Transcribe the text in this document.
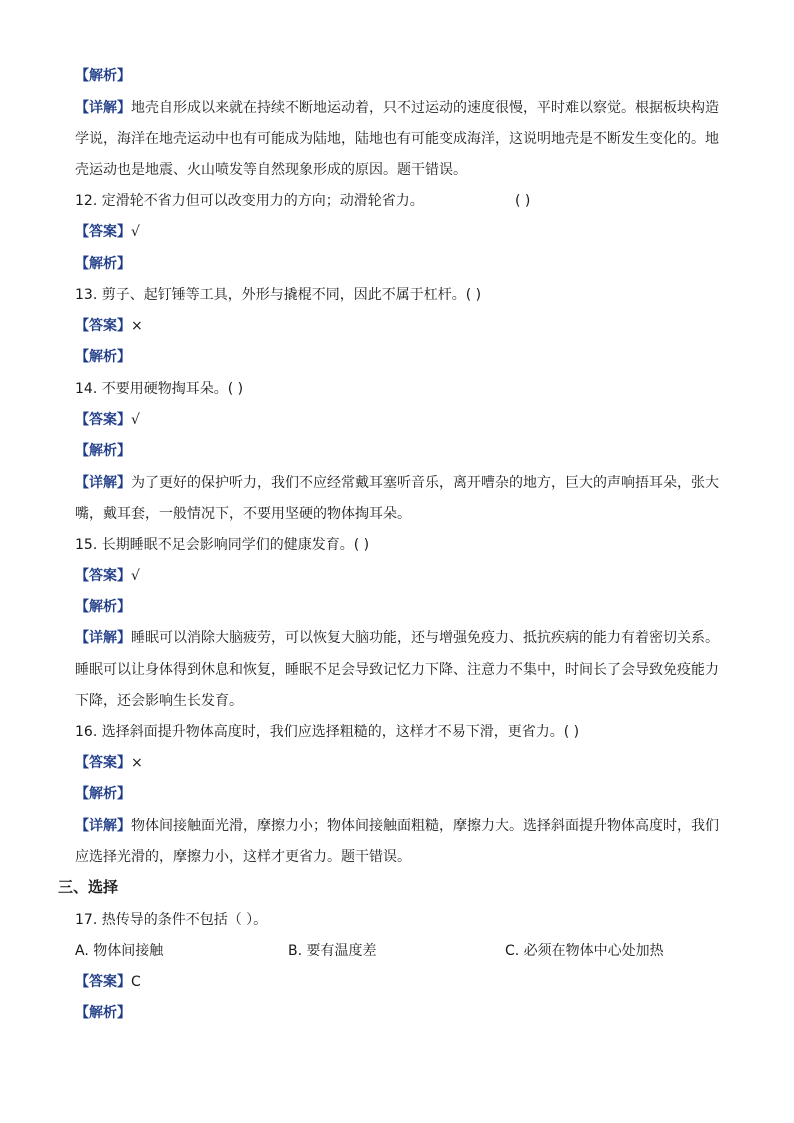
【解析】
【详解】地壳自形成以来就在持续不断地运动着，只不过运动的速度很慢，平时难以察觉。根据板块构造
学说，海洋在地壳运动中也有可能成为陆地，陆地也有可能变成海洋，这说明地壳是不断发生变化的。地
壳运动也是地震、火山喷发等自然现象形成的原因。题干错误。
12. 定滑轮不省力但可以改变用力的方向；动滑轮省力。	( )
【答案】√
【解析】
13. 剪子、起钉锤等工具，外形与撬棍不同，因此不属于杠杆。( )
【答案】×
【解析】
14. 不要用硬物掏耳朵。( )
【答案】√
【解析】
【详解】为了更好的保护听力，我们不应经常戴耳塞听音乐，离开嘈杂的地方，巨大的声响捂耳朵，张大
嘴，戴耳套，一般情况下，不要用坚硬的物体掏耳朵。
15. 长期睡眠不足会影响同学们的健康发育。( )
【答案】√
【解析】
【详解】睡眠可以消除大脑疲劳，可以恢复大脑功能，还与增强免疫力、抵抗疾病的能力有着密切关系。
睡眠可以让身体得到休息和恢复，睡眠不足会导致记忆力下降、注意力不集中，时间长了会导致免疫能力
下降，还会影响生长发育。
16. 选择斜面提升物体高度时，我们应选择粗糙的，这样才不易下滑，更省力。( )
【答案】×
【解析】
【详解】物体间接触面光滑，摩擦力小；物体间接触面粗糙，摩擦力大。选择斜面提升物体高度时，我们
应选择光滑的，摩擦力小，这样才更省力。题干错误。
三、选择
17. 热传导的条件不包括（ ）。
A. 物体间接触	B. 要有温度差	C. 必须在物体中心处加热
【答案】C
【解析】
